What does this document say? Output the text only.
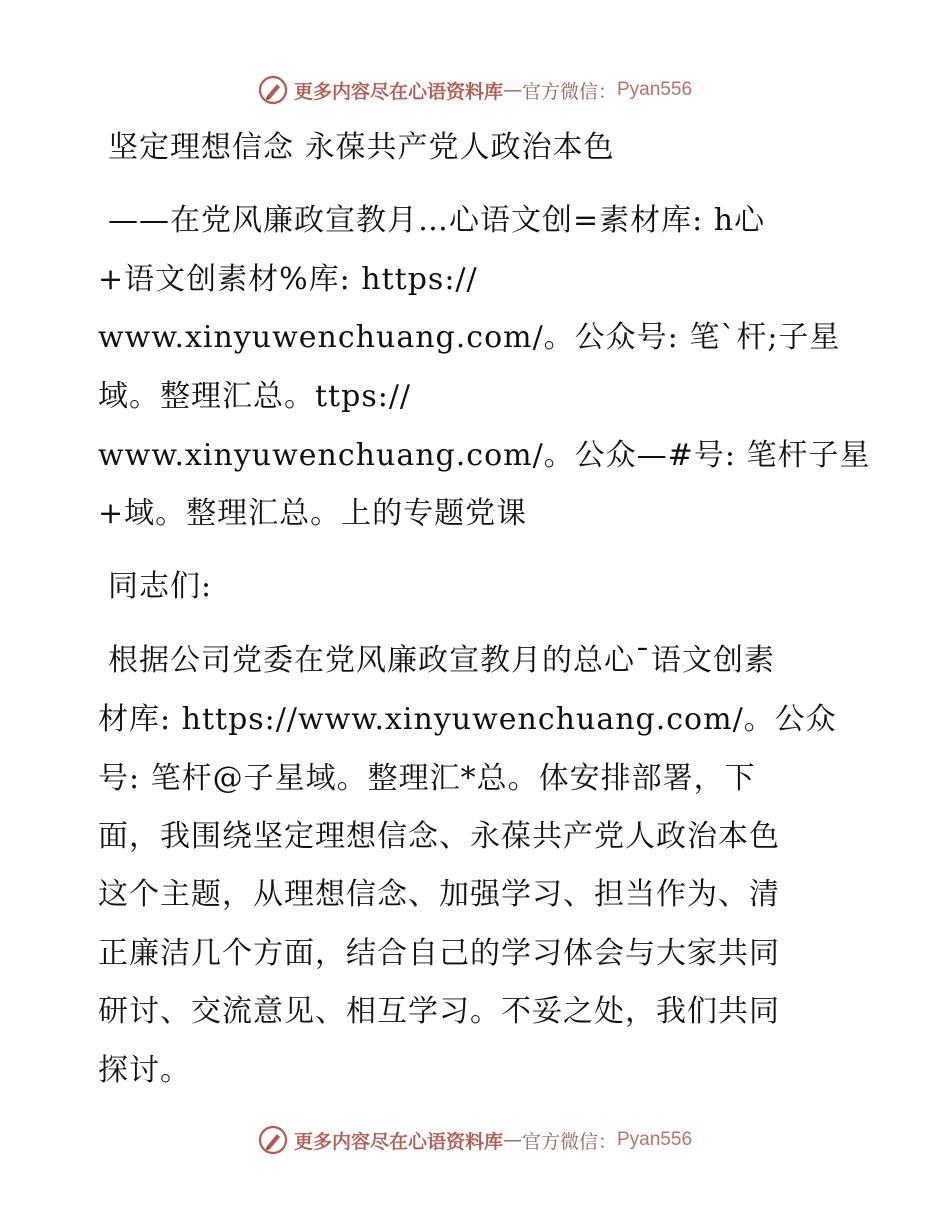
更多内容尽在心语资料库 — 官方微信： Pyan556
坚定理想信念 永葆共产党人政治本色
——在党风廉政宣教月…心语文创=素材库: h心
+语文创素材%库: https://
www.xinyuwenchuang.com/。公众号: 笔`杆;子星
域。整理汇总。ttps://
www.xinyuwenchuang.com/。公众—#号: 笔杆子星
+域。整理汇总。上的专题党课
同志们:
根据公司党委在党风廉政宣教月的总心¯语文创素
材库: https://www.xinyuwenchuang.com/。公众
号: 笔杆@子星域。整理汇*总。体安排部署，下
面，我围绕坚定理想信念、永葆共产党人政治本色
这个主题，从理想信念、加强学习、担当作为、清
正廉洁几个方面，结合自己的学习体会与大家共同
研讨、交流意见、相互学习。不妥之处，我们共同
探讨。
更多内容尽在心语资料库 — 官方微信： Pyan556
